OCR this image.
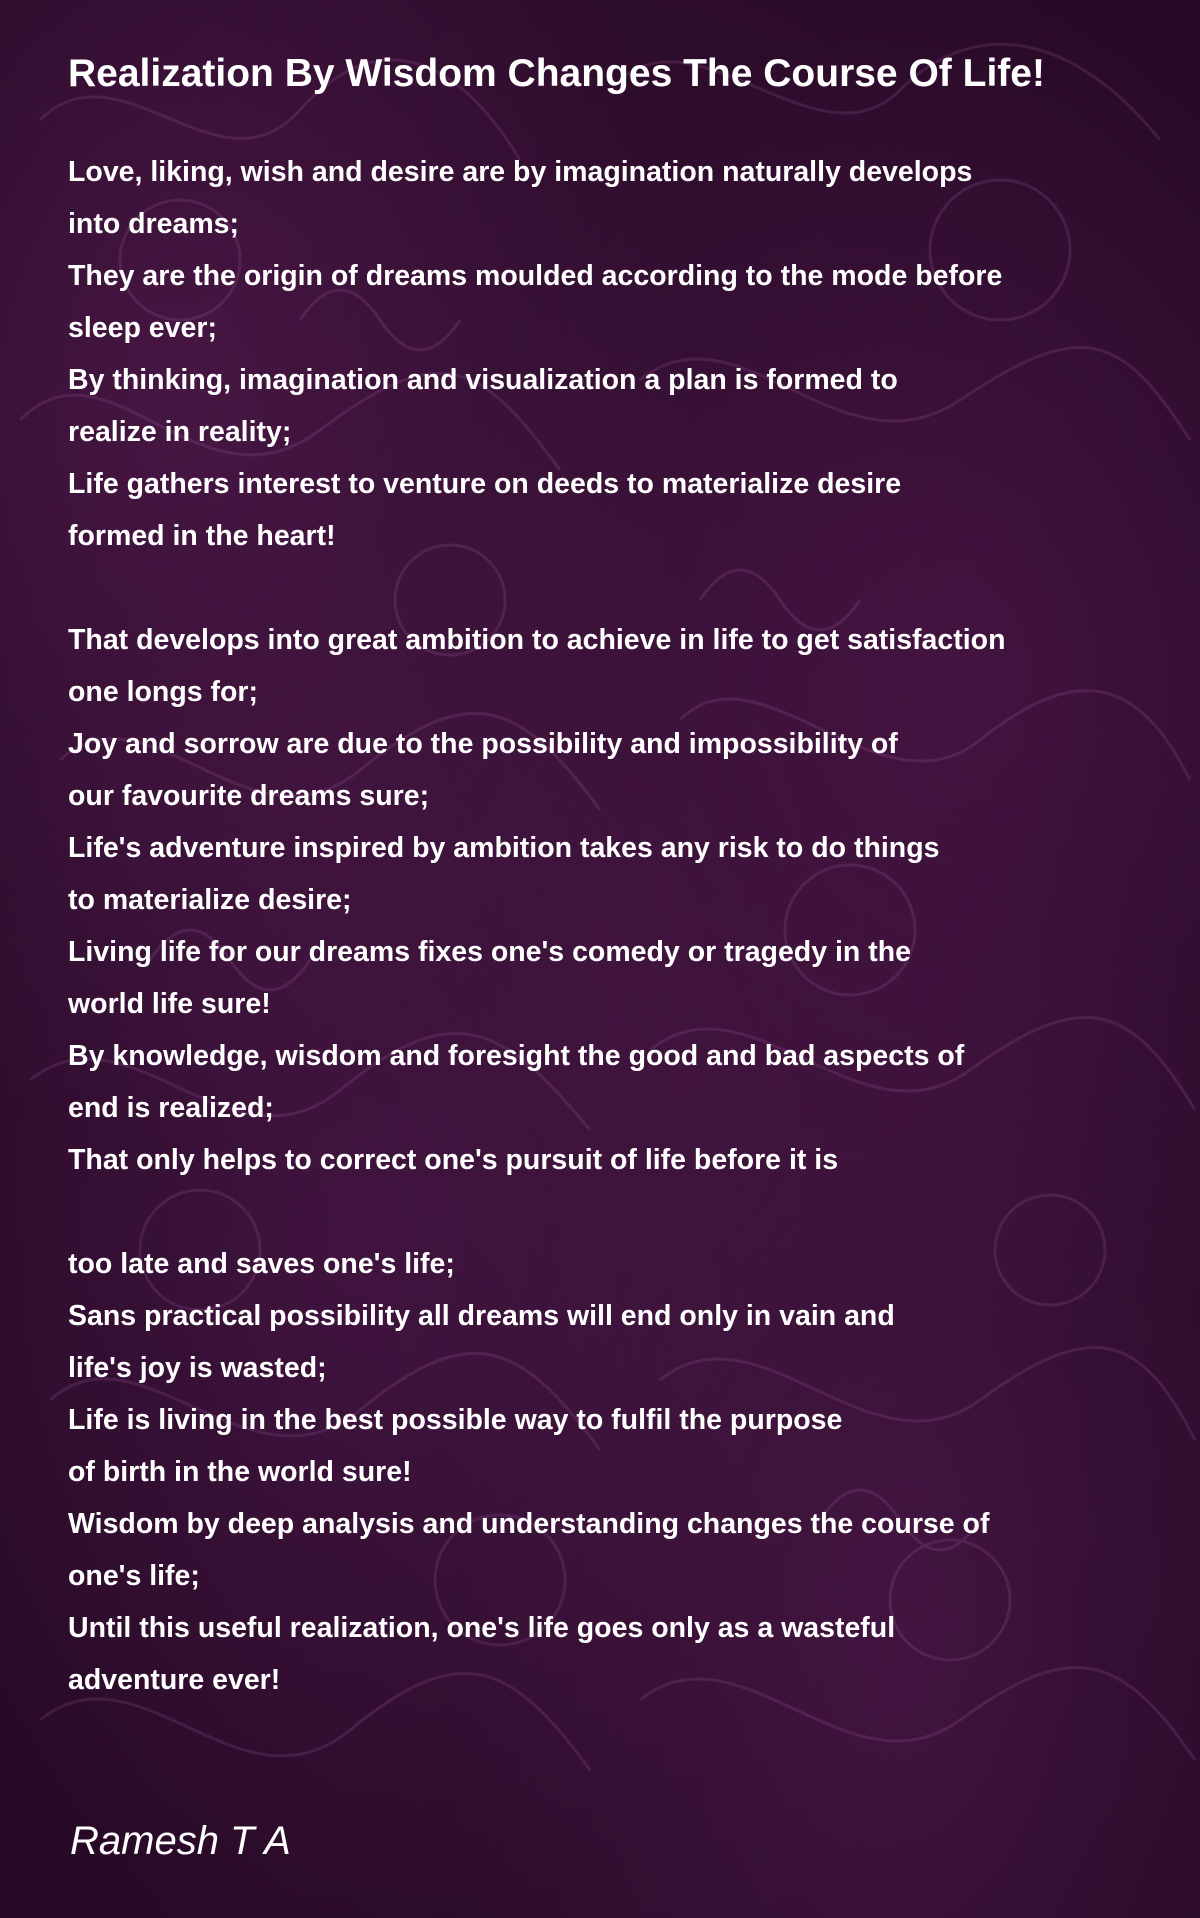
Realization By Wisdom Changes The Course Of Life!
Love, liking, wish and desire are by imagination naturally develops
into dreams;
They are the origin of dreams moulded according to the mode before
sleep ever;
By thinking, imagination and visualization a plan is formed to
realize in reality;
Life gathers interest to venture on deeds to materialize desire
formed in the heart!
That develops into great ambition to achieve in life to get satisfaction
one longs for;
Joy and sorrow are due to the possibility and impossibility of
our favourite dreams sure;
Life's adventure inspired by ambition takes any risk to do things
to materialize desire;
Living life for our dreams fixes one's comedy or tragedy in the
world life sure!
By knowledge, wisdom and foresight the good and bad aspects of
end is realized;
That only helps to correct one's pursuit of life before it is
too late and saves one's life;
Sans practical possibility all dreams will end only in vain and
life's joy is wasted;
Life is living in the best possible way to fulfil the purpose
of birth in the world sure!
Wisdom by deep analysis and understanding changes the course of
one's life;
Until this useful realization, one's life goes only as a wasteful
adventure ever!
Ramesh T A
